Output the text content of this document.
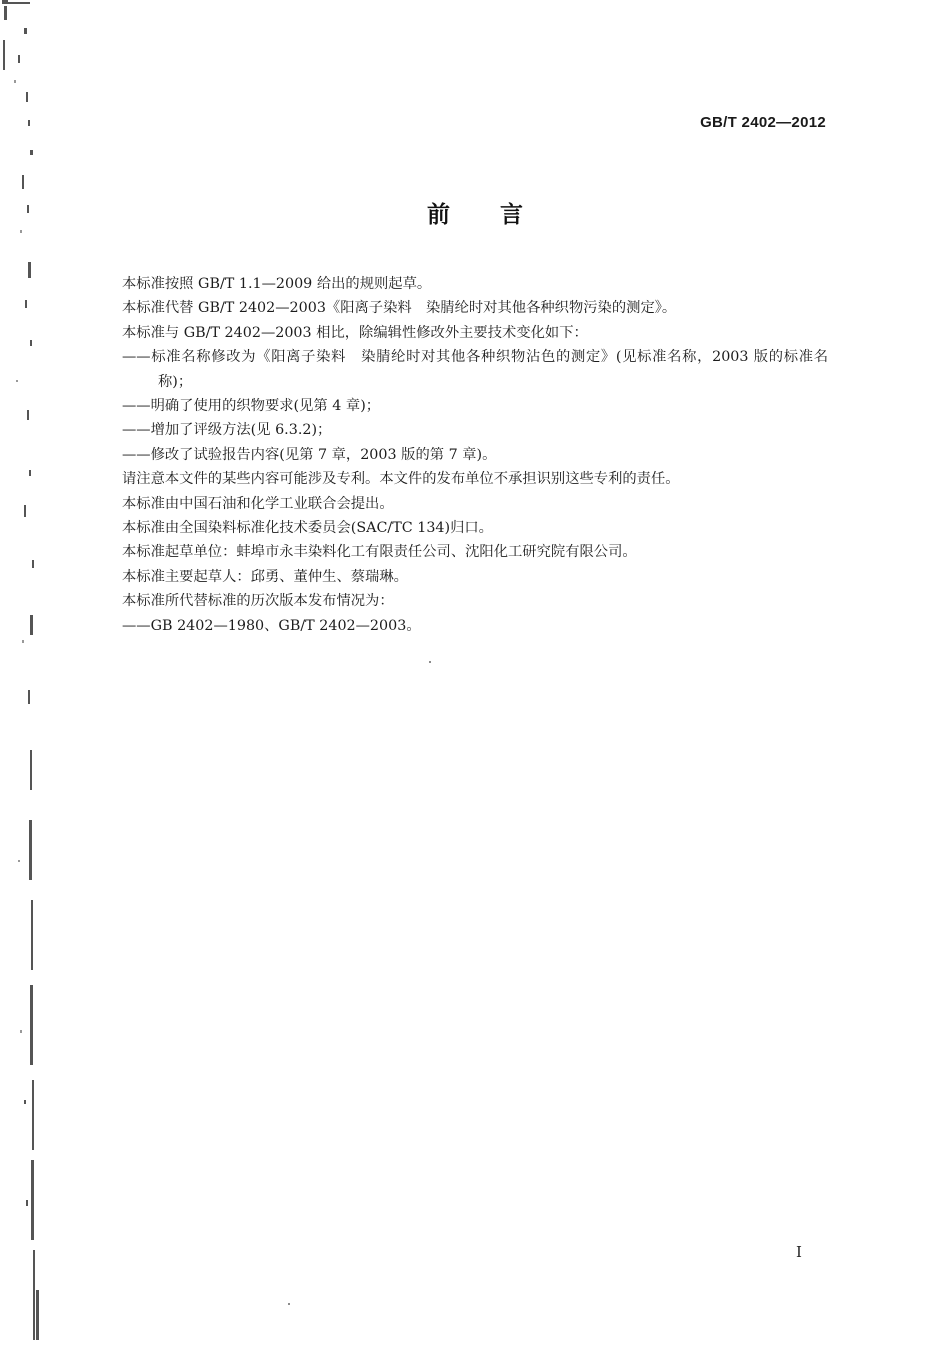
GB/T 2402—2012
前言

本标准按照 GB/T 1.1—2009 给出的规则起草。

本标准代替 GB/T 2402—2003《阳离子染料　染腈纶时对其他各种织物污染的测定》。

本标准与 GB/T 2402—2003 相比，除编辑性修改外主要技术变化如下：

——标准名称修改为《阳离子染料　染腈纶时对其他各种织物沾色的测定》(见标准名称，2003 版的标准名称)；

——明确了使用的织物要求(见第 4 章)；

——增加了评级方法(见 6.3.2)；

——修改了试验报告内容(见第 7 章，2003 版的第 7 章)。

请注意本文件的某些内容可能涉及专利。本文件的发布单位不承担识别这些专利的责任。

本标准由中国石油和化学工业联合会提出。

本标准由全国染料标准化技术委员会(SAC/TC 134)归口。

本标准起草单位：蚌埠市永丰染料化工有限责任公司、沈阳化工研究院有限公司。

本标准主要起草人：邱勇、董仲生、蔡瑞琳。

本标准所代替标准的历次版本发布情况为：

——GB 2402—1980、GB/T 2402—2003。

I
